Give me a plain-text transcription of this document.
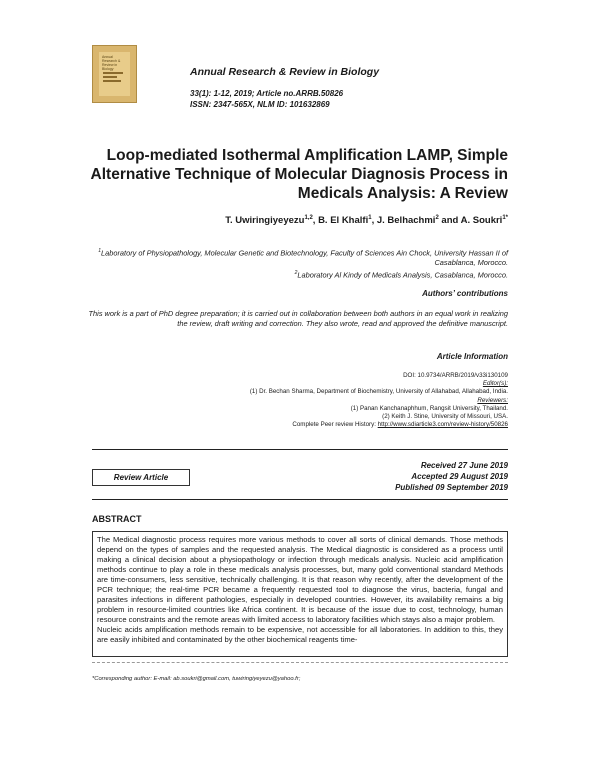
Annual Research & Review in Biology	Annual Research & Review in Biology
33(1): 1-12, 2019; Article no.ARRB.50826
ISSN: 2347-565X, NLM ID: 101632869
Loop-mediated Isothermal Amplification LAMP, Simple Alternative Technique of Molecular Diagnosis Process in Medicals Analysis: A Review
T. Uwiringiyeyezu$^{1,2}$, B. El Khalfi$^1$, J. Belhachmi$^2$ and A. Soukri$^{1*}$
$^1$Laboratory of Physiopathology, Molecular Genetic and Biotechnology, Faculty of Sciences Ain Chock, University Hassan II of Casablanca, Morocco.
$^2$Laboratory Al Kindy of Medicals Analysis, Casablanca, Morocco.
Authors’ contributions
This work is a part of PhD degree preparation; it is carried out in collaboration between both authors in an equal work in realizing the review, draft writing and correction. They also wrote, read and approved the definitive manuscript.
Article Information
DOI: 10.9734/ARRB/2019/v33i130109
Editor(s):
(1) Dr. Bechan Sharma, Department of Biochemistry, University of Allahabad, Allahabad, India.
Reviewers:
(1) Panan Kanchanaphhum, Rangsit University, Thailand.
(2) Keith J. Stine, University of Missouri, USA.
Complete Peer review History: http://www.sdiarticle3.com/review-history/50826
Review Article
Received 27 June 2019
Accepted 29 August 2019
Published 09 September 2019
ABSTRACT

The Medical diagnostic process requires more various methods to cover all sorts of clinical demands. Those methods depend on the types of samples and the requested analysis. The Medical diagnostic is considered as a process until making a clinical decision about a physiopathology or infection through medicals analysis. Nucleic acid amplification methods continue to play a role in these medicals analysis processes, but, many gold conventional standard Methods are time-consumers, less sensitive, technically challenging. It is that reason why recently, after the development of the PCR technique; the real-time PCR became a frequently requested tool to diagnose the virus, bacteria, fungal and parasites infections in different pathologies, especially in developed countries. However, its availability remains a big problem in resource-limited countries like Africa continent. It is because of the issue due to cost, technology, human resource constraints and the remote areas with limited access to laboratory facilities which stays also a major problem.

Nucleic acids amplification methods remain to be expensive, not accessible for all laboratories. In addition to this, they are easily inhibited and contaminated by the other biochemical reagents time-

*Corresponding author: E-mail: ab.soukri@gmail.com, tuwiringiyeyezu@yahoo.fr;
